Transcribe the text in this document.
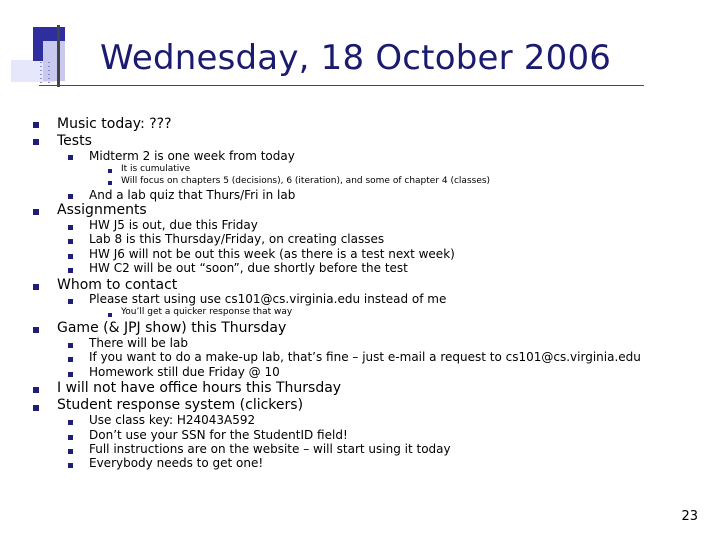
Wednesday, 18 October 2006
Music today: ???
Tests
Midterm 2 is one week from today
It is cumulative
Will focus on chapters 5 (decisions), 6 (iteration), and some of chapter 4 (classes)
And a lab quiz that Thurs/Fri in lab
Assignments
HW J5 is out, due this Friday
Lab 8 is this Thursday/Friday, on creating classes
HW J6 will not be out this week (as there is a test next week)
HW C2 will be out “soon”, due shortly before the test
Whom to contact
Please start using use cs101@cs.virginia.edu instead of me
You’ll get a quicker response that way
Game (& JPJ show) this Thursday
There will be lab
If you want to do a make-up lab, that’s fine – just e-mail a request to cs101@cs.virginia.edu
Homework still due Friday @ 10
I will not have office hours this Thursday
Student response system (clickers)
Use class key: H24043A592
Don’t use your SSN for the StudentID field!
Full instructions are on the website – will start using it today
Everybody needs to get one!
23
